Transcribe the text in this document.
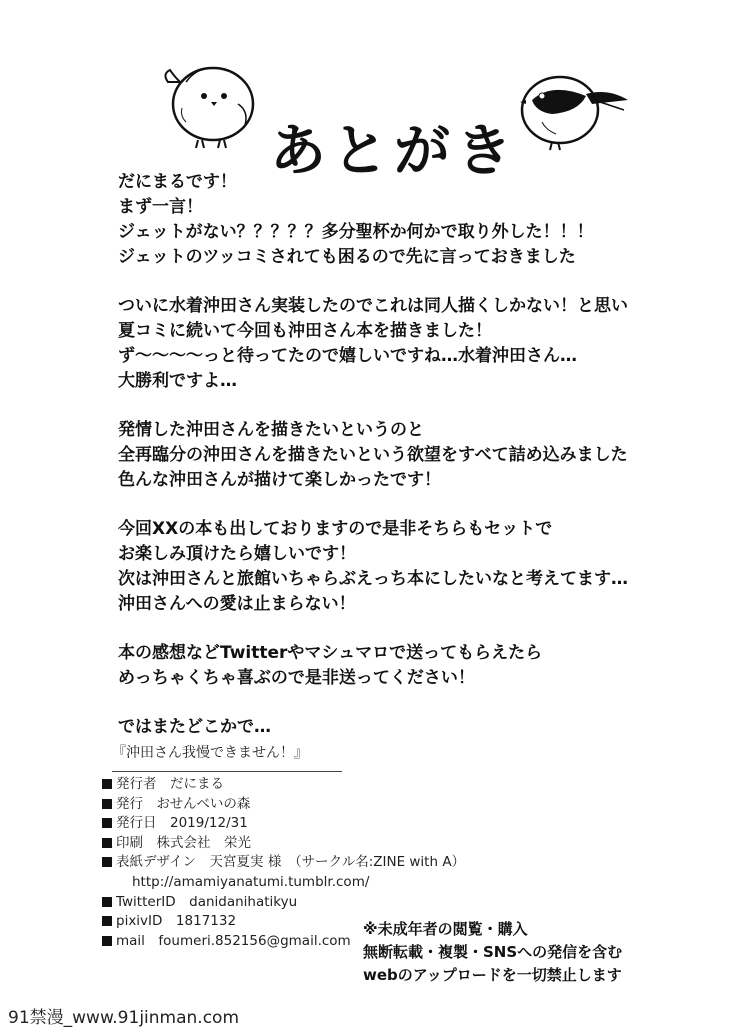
あとがき
だにまるです！
まず一言！
ジェットがない？？？？？多分聖杯か何かで取り外した！！！
ジェットのツッコミされても困るので先に言っておきました
ついに水着沖田さん実装したのでこれは同人描くしかない！と思い
夏コミに続いて今回も沖田さん本を描きました！
ず～～～～っと待ってたので嬉しいですね…水着沖田さん…
大勝利ですよ…
発情した沖田さんを描きたいというのと
全再臨分の沖田さんを描きたいという欲望をすべて詰め込みました
色んな沖田さんが描けて楽しかったです！
今回XXの本も出しておりますので是非そちらもセットで
お楽しみ頂けたら嬉しいです！
次は沖田さんと旅館いちゃらぶえっち本にしたいなと考えてます…
沖田さんへの愛は止まらない！
本の感想などTwitterやマシュマロで送ってもらえたら
めっちゃくちゃ喜ぶので是非送ってください！
ではまたどこかで…
『沖田さん我慢できません！』
発行者　だにまる
発行　おせんべいの森
発行日　2019/12/31
印刷　株式会社　栄光
表紙デザイン　天宮夏実 様　（サークル名:ZINE with A）
http://amamiyanatumi.tumblr.com/
TwitterID　danidanihatikyu
pixivID　1817132
mail　foumeri.852156@gmail.com
※未成年者の閲覧・購入
無断転載・複製・SNSへの発信を含む
webのアップロードを一切禁止します
91禁漫_www.91jinman.com
